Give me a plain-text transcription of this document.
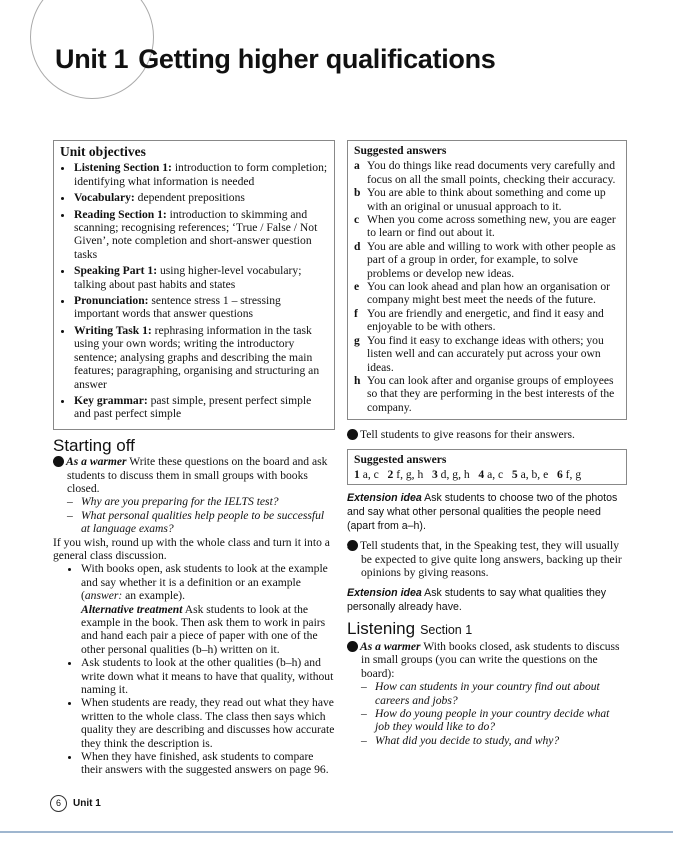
Unit 1 Getting higher qualifications
Unit objectives
• Listening Section 1: introduction to form completion; identifying what information is needed
• Vocabulary: dependent prepositions
• Reading Section 1: introduction to skimming and scanning; recognising references; ‘True / False / Not Given’, note completion and short-answer question tasks
• Speaking Part 1: using higher-level vocabulary; talking about past habits and states
• Pronunciation: sentence stress 1 – stressing important words that answer questions
• Writing Task 1: rephrasing information in the task using your own words; writing the introductory sentence; analysing graphs and describing the main features; paragraphing, organising and structuring an answer
• Key grammar: past simple, present perfect simple and past perfect simple
Starting off
1 As a warmer Write these questions on the board and ask students to discuss them in small groups with books closed.
– Why are you preparing for the IELTS test?
– What personal qualities help people to be successful at language exams?
If you wish, round up with the whole class and turn it into a general class discussion.
• With books open, ask students to look at the example and say whether it is a definition or an example (answer: an example).
Alternative treatment Ask students to look at the example in the book. Then ask them to work in pairs and hand each pair a piece of paper with one of the other personal qualities (b–h) written on it.
• Ask students to look at the other qualities (b–h) and write down what it means to have that quality, without naming it.
• When students are ready, they read out what they have written to the whole class. The class then says which quality they are describing and discusses how accurate they think the description is.
• When they have finished, ask students to compare their answers with the suggested answers on page 96.
Suggested answers
a You do things like read documents very carefully and focus on all the small points, checking their accuracy.
b You are able to think about something and come up with an original or unusual approach to it.
c When you come across something new, you are eager to learn or find out about it.
d You are able and willing to work with other people as part of a group in order, for example, to solve problems or develop new ideas.
e You can look ahead and plan how an organisation or company might best meet the needs of the future.
f You are friendly and energetic, and find it easy and enjoyable to be with others.
g You find it easy to exchange ideas with others; you listen well and can accurately put across your own ideas.
h You can look after and organise groups of employees so that they are performing in the best interests of the company.
2 Tell students to give reasons for their answers.
Suggested answers
1 a, c 2 f, g, h 3 d, g, h 4 a, c 5 a, b, e 6 f, g
Extension idea Ask students to choose two of the photos and say what other personal qualities the people need (apart from a–h).
3 Tell students that, in the Speaking test, they will usually be expected to give quite long answers, backing up their opinions by giving reasons.
Extension idea Ask students to say what qualities they personally already have.
Listening Section 1
1 As a warmer With books closed, ask students to discuss in small groups (you can write the questions on the board):
– How can students in your country find out about careers and jobs?
– How do young people in your country decide what job they would like to do?
– What did you decide to study, and why?
6	Unit 1
